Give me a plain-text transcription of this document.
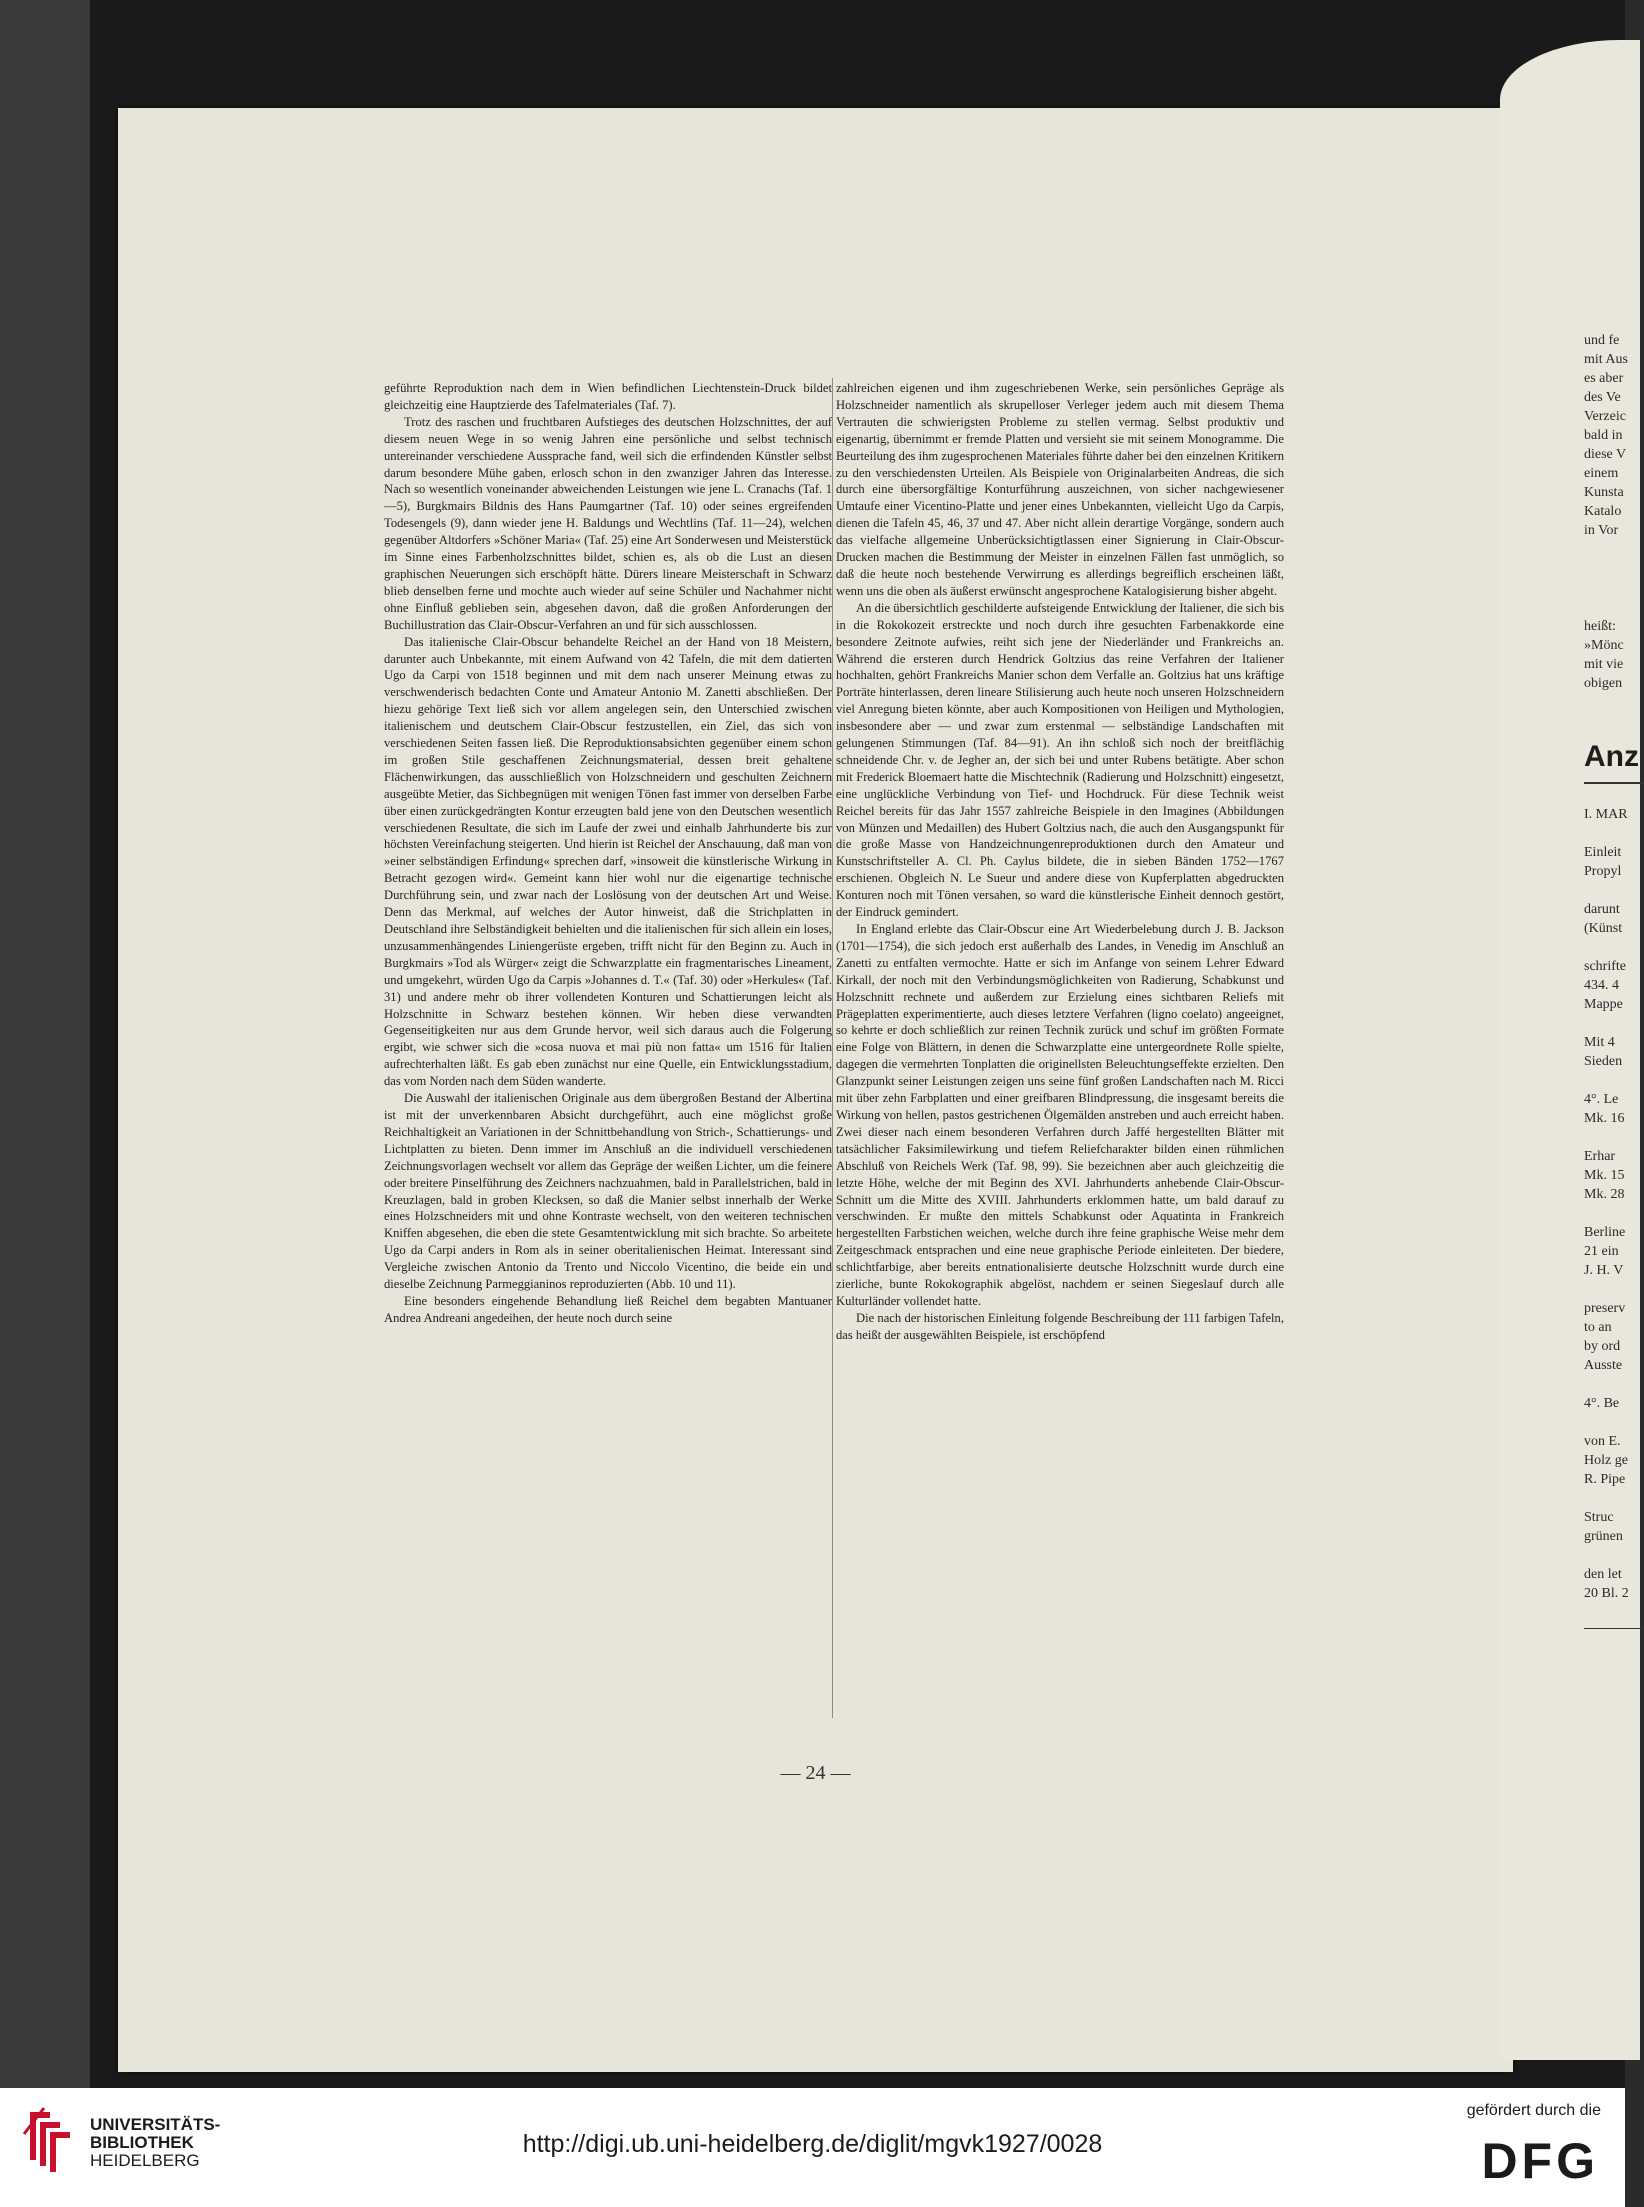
geführte Reproduktion nach dem in Wien befindlichen Liechtenstein-Druck bildet gleichzeitig eine Hauptzierde des Tafelmateriales (Taf. 7).

Trotz des raschen und fruchtbaren Aufstieges des deutschen Holzschnittes, der auf diesem neuen Wege in so wenig Jahren eine persönliche und selbst technisch untereinander verschiedene Aussprache fand, weil sich die erfindenden Künstler selbst darum besondere Mühe gaben, erlosch schon in den zwanziger Jahren das Interesse. Nach so wesentlich voneinander abweichenden Leistungen wie jene L. Cranachs (Taf. 1—5), Burgkmairs Bildnis des Hans Paumgartner (Taf. 10) oder seines ergreifenden Todesengels (9), dann wieder jene H. Baldungs und Wechtlins (Taf. 11—24), welchen gegenüber Altdorfers »Schöner Maria« (Taf. 25) eine Art Sonderwesen und Meisterstück im Sinne eines Farbenholzschnittes bildet, schien es, als ob die Lust an diesen graphischen Neuerungen sich erschöpft hätte. Dürers lineare Meisterschaft in Schwarz blieb denselben ferne und mochte auch wieder auf seine Schüler und Nachahmer nicht ohne Einfluß geblieben sein, abgesehen davon, daß die großen Anforderungen der Buchillustration das Clair-Obscur-Verfahren an und für sich ausschlossen.

Das italienische Clair-Obscur behandelte Reichel an der Hand von 18 Meistern, darunter auch Unbekannte, mit einem Aufwand von 42 Tafeln, die mit dem datierten Ugo da Carpi von 1518 beginnen und mit dem nach unserer Meinung etwas zu verschwenderisch bedachten Conte und Amateur Antonio M. Zanetti abschließen. Der hiezu gehörige Text ließ sich vor allem angelegen sein, den Unterschied zwischen italienischem und deutschem Clair-Obscur festzustellen, ein Ziel, das sich von verschiedenen Seiten fassen ließ. Die Reproduktionsabsichten gegenüber einem schon im großen Stile geschaffenen Zeichnungsmaterial, dessen breit gehaltene Flächenwirkungen, das ausschließlich von Holzschneidern und geschulten Zeichnern ausgeübte Metier, das Sichbegnügen mit wenigen Tönen fast immer von derselben Farbe über einen zurückgedrängten Kontur erzeugten bald jene von den Deutschen wesentlich verschiedenen Resultate, die sich im Laufe der zwei und einhalb Jahrhunderte bis zur höchsten Vereinfachung steigerten. Und hierin ist Reichel der Anschauung, daß man von »einer selbständigen Erfindung« sprechen darf, »insoweit die künstlerische Wirkung in Betracht gezogen wird«. Gemeint kann hier wohl nur die eigenartige technische Durchführung sein, und zwar nach der Loslösung von der deutschen Art und Weise. Denn das Merkmal, auf welches der Autor hinweist, daß die Strichplatten in Deutschland ihre Selbständigkeit behielten und die italienischen für sich allein ein loses, unzusammenhängendes Liniengerüste ergeben, trifft nicht für den Beginn zu. Auch in Burgkmairs »Tod als Würger« zeigt die Schwarzplatte ein fragmentarisches Lineament, und umgekehrt, würden Ugo da Carpis »Johannes d. T.« (Taf. 30) oder »Herkules« (Taf. 31) und andere mehr ob ihrer vollendeten Konturen und Schattierungen leicht als Holzschnitte in Schwarz bestehen können. Wir heben diese verwandten Gegenseitigkeiten nur aus dem Grunde hervor, weil sich daraus auch die Folgerung ergibt, wie schwer sich die »cosa nuova et mai più non fatta« um 1516 für Italien aufrechterhalten läßt. Es gab eben zunächst nur eine Quelle, ein Entwicklungsstadium, das vom Norden nach dem Süden wanderte.

Die Auswahl der italienischen Originale aus dem übergroßen Bestand der Albertina ist mit der unverkennbaren Absicht durchgeführt, auch eine möglichst große Reichhaltigkeit an Variationen in der Schnittbehandlung von Strich-, Schattierungs- und Lichtplatten zu bieten. Denn immer im Anschluß an die individuell verschiedenen Zeichnungsvorlagen wechselt vor allem das Gepräge der weißen Lichter, um die feinere oder breitere Pinselführung des Zeichners nachzuahmen, bald in Parallelstrichen, bald in Kreuzlagen, bald in groben Klecksen, so daß die Manier selbst innerhalb der Werke eines Holzschneiders mit und ohne Kontraste wechselt, von den weiteren technischen Kniffen abgesehen, die eben die stete Gesamtentwicklung mit sich brachte. So arbeitete Ugo da Carpi anders in Rom als in seiner oberitalienischen Heimat. Interessant sind Vergleiche zwischen Antonio da Trento und Niccolo Vicentino, die beide ein und dieselbe Zeichnung Parmeggianinos reproduzierten (Abb. 10 und 11).

Eine besonders eingehende Behandlung ließ Reichel dem begabten Mantuaner Andrea Andreani angedeihen, der heute noch durch seine

zahlreichen eigenen und ihm zugeschriebenen Werke, sein persönliches Gepräge als Holzschneider namentlich als skrupelloser Verleger jedem auch mit diesem Thema Vertrauten die schwierigsten Probleme zu stellen vermag. Selbst produktiv und eigenartig, übernimmt er fremde Platten und versieht sie mit seinem Monogramme. Die Beurteilung des ihm zugesprochenen Materiales führte daher bei den einzelnen Kritikern zu den verschiedensten Urteilen. Als Beispiele von Originalarbeiten Andreas, die sich durch eine übersorgfältige Konturführung auszeichnen, von sicher nachgewiesener Umtaufe einer Vicentino-Platte und jener eines Unbekannten, vielleicht Ugo da Carpis, dienen die Tafeln 45, 46, 37 und 47. Aber nicht allein derartige Vorgänge, sondern auch das vielfache allgemeine Unberücksichtigtlassen einer Signierung in Clair-Obscur-Drucken machen die Bestimmung der Meister in einzelnen Fällen fast unmöglich, so daß die heute noch bestehende Verwirrung es allerdings begreiflich erscheinen läßt, wenn uns die oben als äußerst erwünscht angesprochene Katalogisierung bisher abgeht.

An die übersichtlich geschilderte aufsteigende Entwicklung der Italiener, die sich bis in die Rokokozeit erstreckte und noch durch ihre gesuchten Farbenakkorde eine besondere Zeitnote aufwies, reiht sich jene der Niederländer und Frankreichs an. Während die ersteren durch Hendrick Goltzius das reine Verfahren der Italiener hochhalten, gehört Frankreichs Manier schon dem Verfalle an. Goltzius hat uns kräftige Porträte hinterlassen, deren lineare Stilisierung auch heute noch unseren Holzschneidern viel Anregung bieten könnte, aber auch Kompositionen von Heiligen und Mythologien, insbesondere aber — und zwar zum erstenmal — selbständige Landschaften mit gelungenen Stimmungen (Taf. 84—91). An ihn schloß sich noch der breitflächig schneidende Chr. v. de Jegher an, der sich bei und unter Rubens betätigte. Aber schon mit Frederick Bloemaert hatte die Mischtechnik (Radierung und Holzschnitt) eingesetzt, eine unglückliche Verbindung von Tief- und Hochdruck. Für diese Technik weist Reichel bereits für das Jahr 1557 zahlreiche Beispiele in den Imagines (Abbildungen von Münzen und Medaillen) des Hubert Goltzius nach, die auch den Ausgangspunkt für die große Masse von Handzeichnungenreproduktionen durch den Amateur und Kunstschriftsteller A. Cl. Ph. Caylus bildete, die in sieben Bänden 1752—1767 erschienen. Obgleich N. Le Sueur und andere diese von Kupferplatten abgedruckten Konturen noch mit Tönen versahen, so ward die künstlerische Einheit dennoch gestört, der Eindruck gemindert.

In England erlebte das Clair-Obscur eine Art Wiederbelebung durch J. B. Jackson (1701—1754), die sich jedoch erst außerhalb des Landes, in Venedig im Anschluß an Zanetti zu entfalten vermochte. Hatte er sich im Anfange von seinem Lehrer Edward Kirkall, der noch mit den Verbindungsmöglichkeiten von Radierung, Schabkunst und Holzschnitt rechnete und außerdem zur Erzielung eines sichtbaren Reliefs mit Prägeplatten experimentierte, auch dieses letztere Verfahren (ligno coelato) angeeignet, so kehrte er doch schließlich zur reinen Technik zurück und schuf im größten Formate eine Folge von Blättern, in denen die Schwarzplatte eine untergeordnete Rolle spielte, dagegen die vermehrten Tonplatten die originellsten Beleuchtungseffekte erzielten. Den Glanzpunkt seiner Leistungen zeigen uns seine fünf großen Landschaften nach M. Ricci mit über zehn Farbplatten und einer greifbaren Blindpressung, die insgesamt bereits die Wirkung von hellen, pastos gestrichenen Ölgemälden anstreben und auch erreicht haben. Zwei dieser nach einem besonderen Verfahren durch Jaffé hergestellten Blätter mit tatsächlicher Faksimilewirkung und tiefem Reliefcharakter bilden einen rühmlichen Abschluß von Reichels Werk (Taf. 98, 99). Sie bezeichnen aber auch gleichzeitig die letzte Höhe, welche der mit Beginn des XVI. Jahrhunderts anhebende Clair-Obscur-Schnitt um die Mitte des XVIII. Jahrhunderts erklommen hatte, um bald darauf zu verschwinden. Er mußte den mittels Schabkunst oder Aquatinta in Frankreich hergestellten Farbstichen weichen, welche durch ihre feine graphische Weise mehr dem Zeitgeschmack entsprachen und eine neue graphische Periode einleiteten. Der biedere, schlichtfarbige, aber bereits entnationalisierte deutsche Holzschnitt wurde durch eine zierliche, bunte Rokokographik abgelöst, nachdem er seinen Siegeslauf durch alle Kulturländer vollendet hatte.

Die nach der historischen Einleitung folgende Beschreibung der 111 farbigen Tafeln, das heißt der ausgewählten Beispiele, ist erschöpfend

— 24 —
und fe
mit Aus
es aber
des Ve
Verzeic
bald in
diese V
einem
Kunsta
Katalo
in Vor
heißt:
»Mönc
mit vie
obigen
Anz
I. MAR
Einleit
Propyl
darunt
(Künst
schrifte
434. 4
Mappe
Mit 4
Sieden
4°. Le
Mk. 16
Erhar
Mk. 15
Mk. 28
Berline
21 ein
J. H. V
preserv
to an
by ord
Ausste
4°. Be
von E.
Holz ge
R. Pipe
Struc
grünen
den let
20 Bl. 2
UNIVERSITÄTS-
BIBLIOTHEK
HEIDELBERG
http://digi.ub.uni-heidelberg.de/diglit/mgvk1927/0028
gefördert durch die
DFG
